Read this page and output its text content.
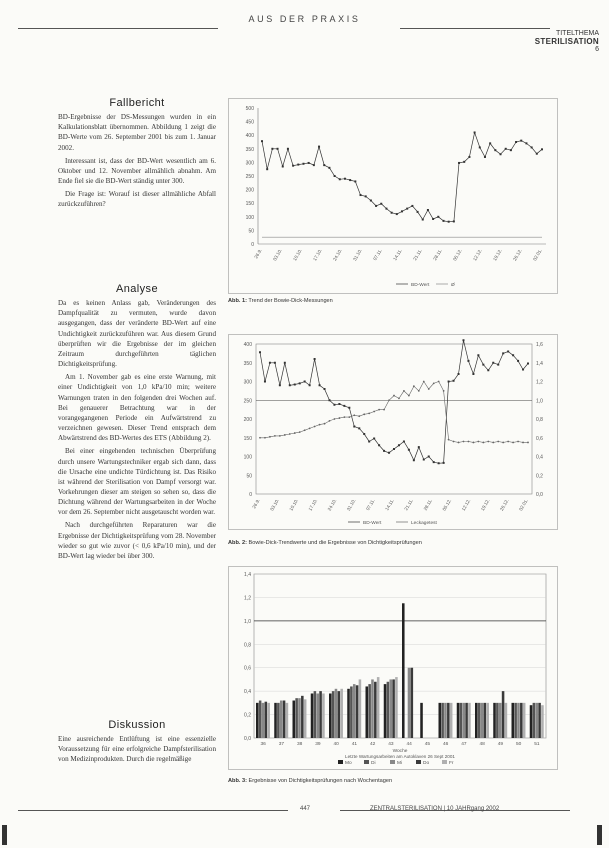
AUS DER PRAXIS
TITELTHEMA
STERILISATION
6
Fallbericht

BD-Ergebnisse der DS-Messungen wurden in ein Kalkulationsblatt übernommen. Abbildung 1 zeigt die BD-Werte vom 26. September 2001 bis zum 1. Januar 2002.

Interessant ist, dass der BD-Wert wesentlich am 6. Oktober und 12. November allmählich abnahm. Am Ende fiel sie die BD-Wert ständig unter 300.

Die Frage ist: Worauf ist dieser allmähliche Abfall zurückzuführen?

Analyse

Da es keinen Anlass gab, Veränderungen des Dampfqualität zu vermuten, wurde davon ausgegangen, dass der veränderte BD-Wert auf eine Undichtigkeit zurückzuführen war. Aus diesem Grund überprüften wir die Ergebnisse der im gleichen Zeitraum durchgeführten täglichen Dichtigkeitsprüfung.

Am 1. November gab es eine erste Warnung, mit einer Undichtigkeit von 1,0 kPa/10 min; weitere Warnungen traten in den folgenden drei Wochen auf. Bei genauerer Betrachtung war in der vorangegangenen Periode ein Aufwärtstrend zu verzeichnen gewesen. Dieser Trend entsprach dem Abwärtstrend des BD-Wertes des ETS (Abbildung 2).

Bei einer eingehenden technischen Überprüfung durch unsere Wartungstechniker ergab sich dann, dass die Ursache eine undichte Türdichtung ist. Das Risiko ist während der Sterilisation von Dampf versorgt war. Vorkehrungen dieser am steigen so sehen so, dass die Dichtung während der Wartungsarbeiten in der Woche vor dem 26. September nicht ausgetauscht worden war.

Nach durchgeführten Reparaturen war die Ergebnisse der Dichtigkeitsprüfung vom 28. November wieder so gut wie zuvor (< 0,6 kPa/10 min), und der BD-Wert lag wieder bei über 300.

Diskussion

Eine ausreichende Entlüftung ist eine essenzielle Voraussetzung für eine erfolgreiche Dampfsterilisation von Medizinprodukten. Durch die regelmäßige

0
50
100
150
200
250
300
350
400
450
500
26.9. 03.10. 10.10. 17.10. 24.10. 31.10. 07.11. 14.11. 21.11. 28.11. 05.12. 12.12. 19.12. 26.12. 02.01.
BD-Wert	Ø
Abb. 1: Trend der Bowie-Dick-Messungen
0
50
100
150
200
250
300
350
400
0,0
0,2
0,4
0,6
0,8
1,0
1,2
1,4
1,6
26.9. 03.10. 10.10. 17.10. 24.10. 31.10. 07.11. 14.11. 21.11. 28.11. 05.12. 12.12. 19.12. 26.12. 02.01.
BD-Wert	Leckagetest
Abb. 2: Bowie-Dick-Trendwerte und die Ergebnisse von Dichtigkeitsprüfungen
0,0
0,2
0,4
0,6
0,8
1,0
1,2
1,4
36	37	38	39	40	41	42	43	44	45	46	47	48	49	50	51
Woche
Letzte Wartungsarbeiten am Autoklaven 26 Sept 2001
Mo	Di	Mi	Do	Fr
Abb. 3: Ergebnisse von Dichtigkeitsprüfungen nach Wochentagen
447	ZENTRALSTERILISATION | 10 JAHRgang 2002
